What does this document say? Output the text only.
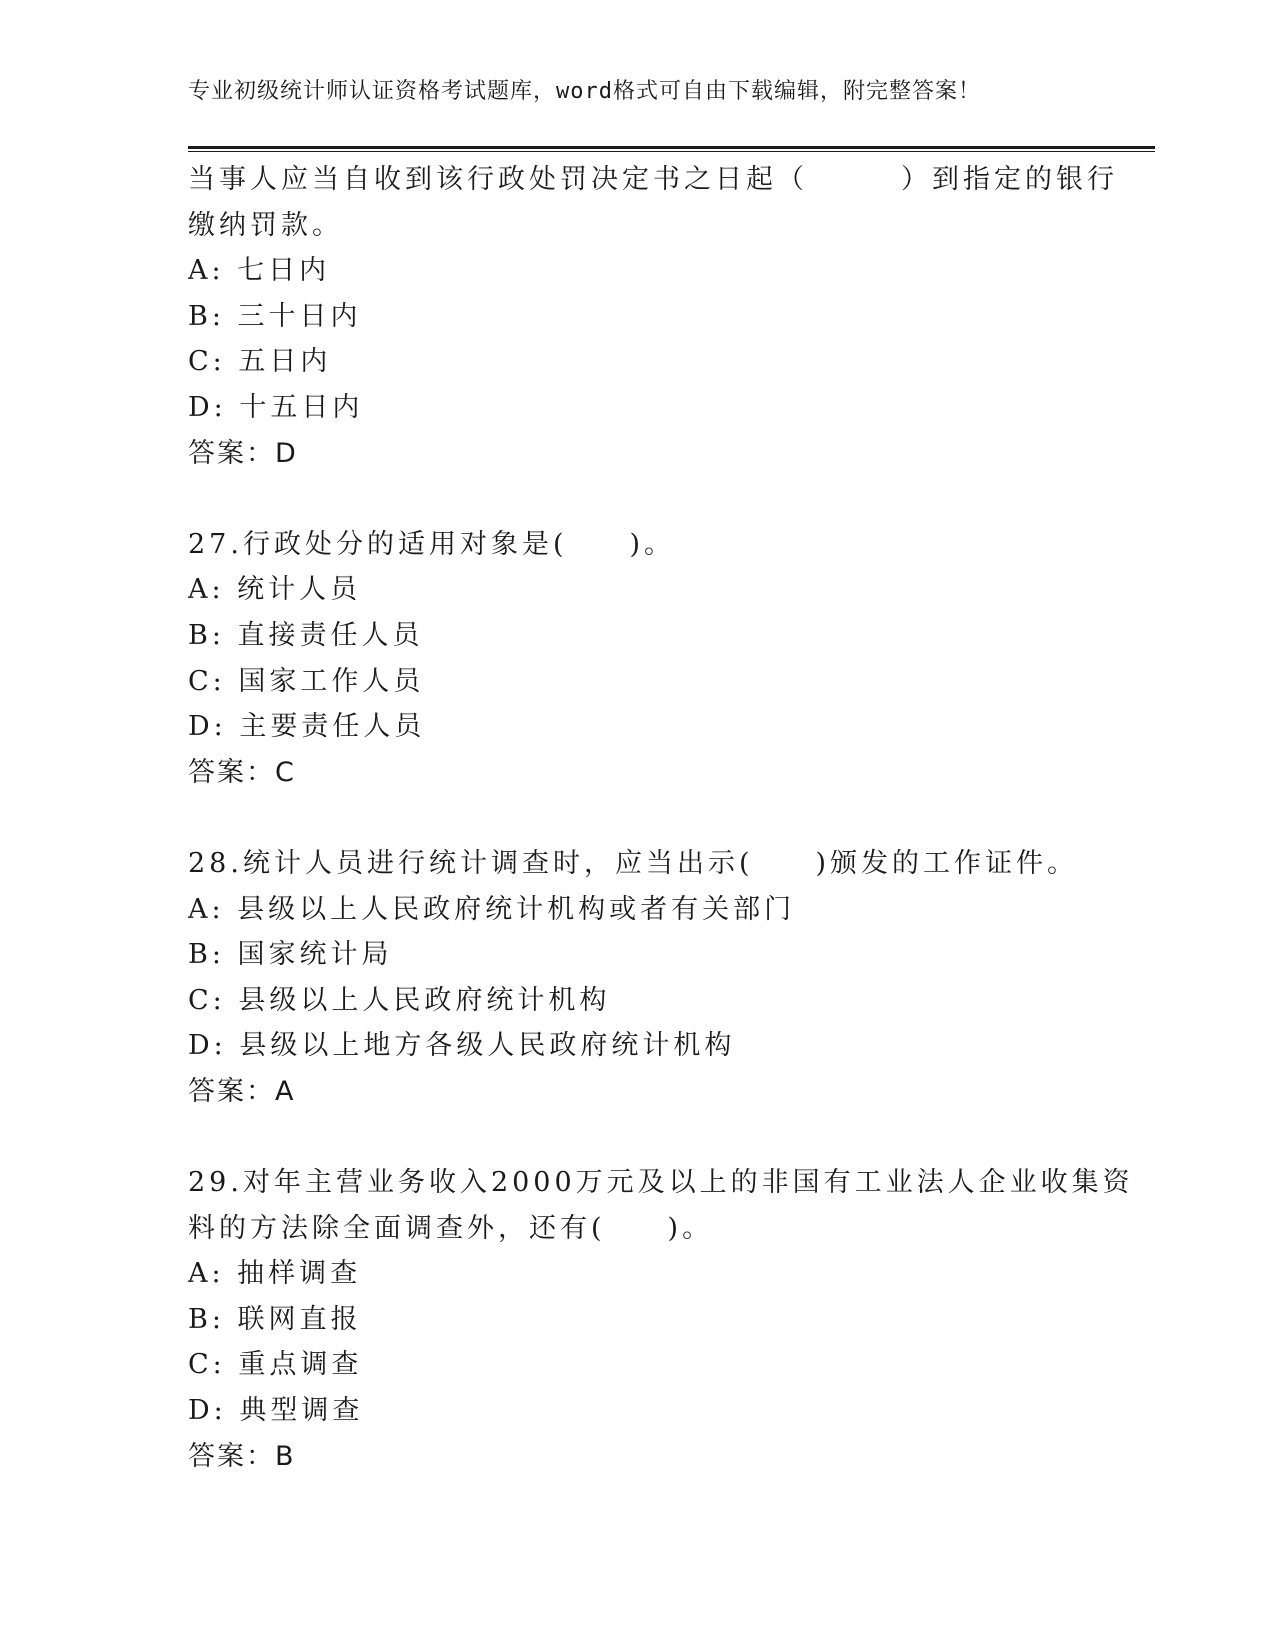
专业初级统计师认证资格考试题库，word格式可自由下载编辑，附完整答案！
当事人应当自收到该行政处罚决定书之日起（　　　）到指定的银行
缴纳罚款。
A: 七日内
B: 三十日内
C: 五日内
D: 十五日内
答案：D
27.行政处分的适用对象是(　　)。
A: 统计人员
B: 直接责任人员
C: 国家工作人员
D: 主要责任人员
答案：C
28.统计人员进行统计调查时，应当出示(　　)颁发的工作证件。
A: 县级以上人民政府统计机构或者有关部门
B: 国家统计局
C: 县级以上人民政府统计机构
D: 县级以上地方各级人民政府统计机构
答案：A
29.对年主营业务收入2000万元及以上的非国有工业法人企业收集资
料的方法除全面调查外，还有(　　)。
A: 抽样调查
B: 联网直报
C: 重点调查
D: 典型调查
答案：B
